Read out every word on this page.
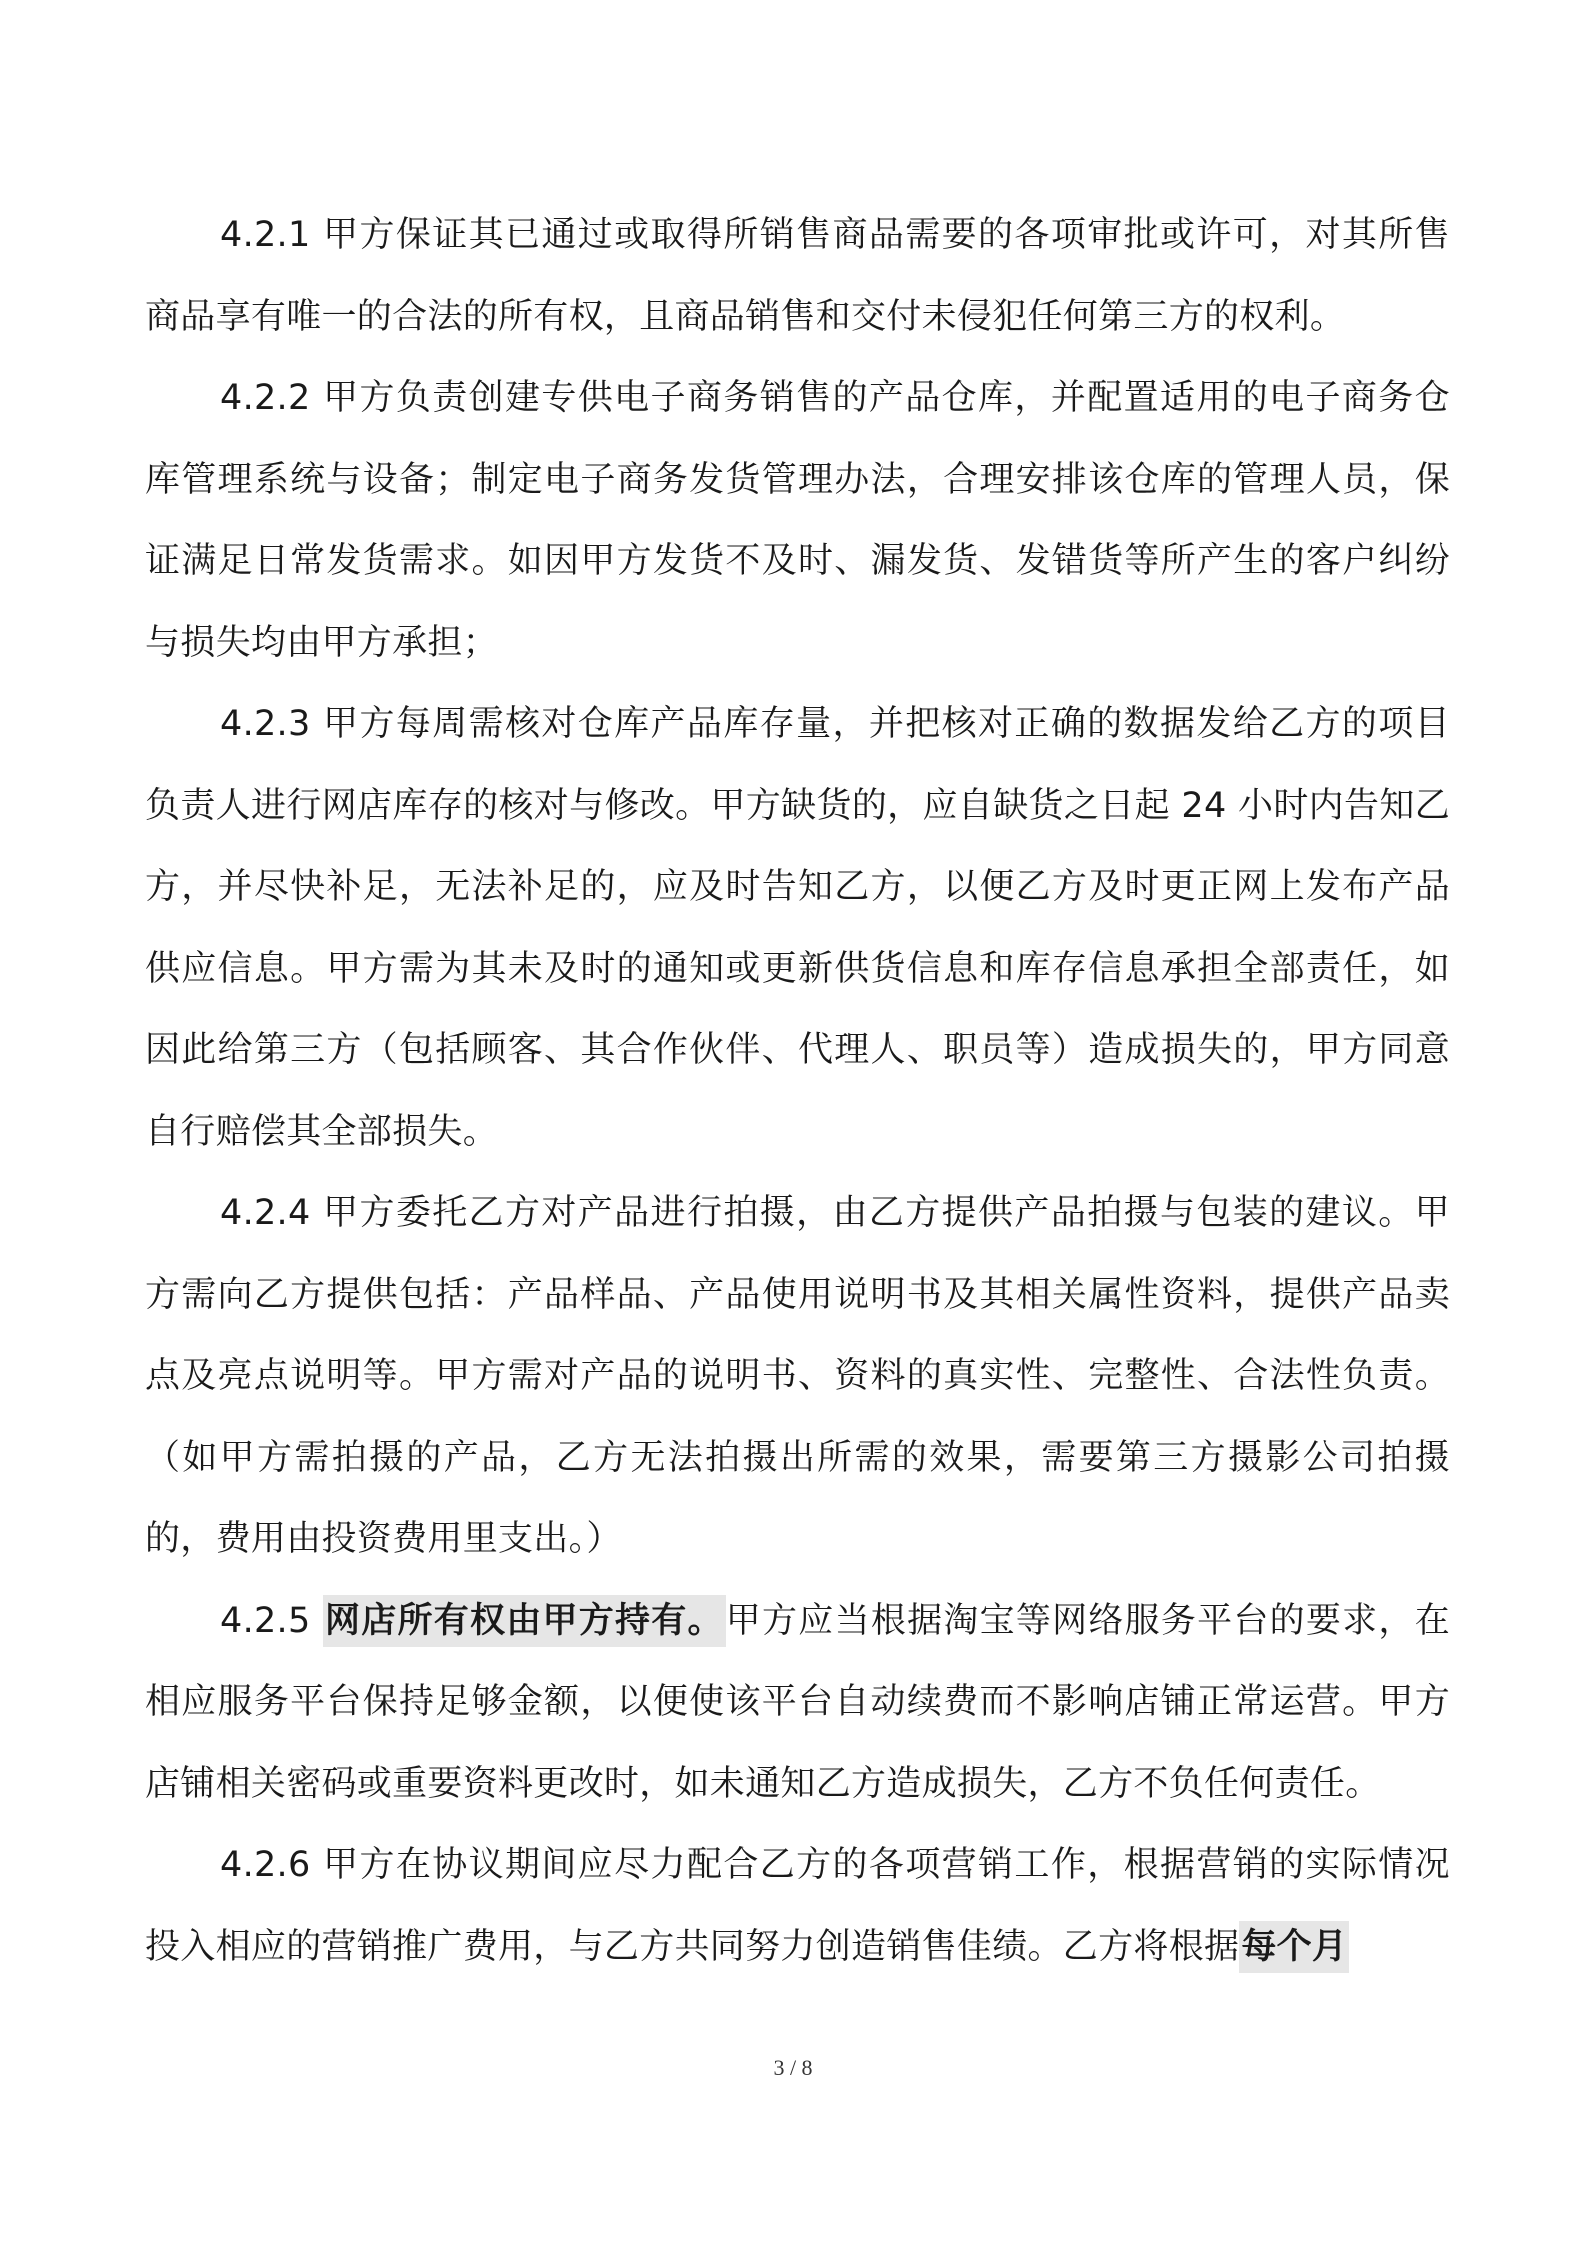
4.2.1 甲方保证其已通过或取得所销售商品需要的各项审批或许可，对其所售商品享有唯一的合法的所有权，且商品销售和交付未侵犯任何第三方的权利。

4.2.2 甲方负责创建专供电子商务销售的产品仓库，并配置适用的电子商务仓库管理系统与设备；制定电子商务发货管理办法，合理安排该仓库的管理人员，保证满足日常发货需求。如因甲方发货不及时、漏发货、发错货等所产生的客户纠纷与损失均由甲方承担；

4.2.3 甲方每周需核对仓库产品库存量，并把核对正确的数据发给乙方的项目负责人进行网店库存的核对与修改。甲方缺货的，应自缺货之日起 24 小时内告知乙方，并尽快补足，无法补足的，应及时告知乙方，以便乙方及时更正网上发布产品供应信息。甲方需为其未及时的通知或更新供货信息和库存信息承担全部责任，如因此给第三方（包括顾客、其合作伙伴、代理人、职员等）造成损失的，甲方同意自行赔偿其全部损失。

4.2.4 甲方委托乙方对产品进行拍摄，由乙方提供产品拍摄与包装的建议。甲方需向乙方提供包括：产品样品、产品使用说明书及其相关属性资料，提供产品卖点及亮点说明等。甲方需对产品的说明书、资料的真实性、完整性、合法性负责。（如甲方需拍摄的产品，乙方无法拍摄出所需的效果，需要第三方摄影公司拍摄的，费用由投资费用里支出。）

4.2.5 网店所有权由甲方持有。甲方应当根据淘宝等网络服务平台的要求，在相应服务平台保持足够金额，以便使该平台自动续费而不影响店铺正常运营。甲方店铺相关密码或重要资料更改时，如未通知乙方造成损失，乙方不负任何责任。

4.2.6 甲方在协议期间应尽力配合乙方的各项营销工作，根据营销的实际情况投入相应的营销推广费用，与乙方共同努力创造销售佳绩。乙方将根据每个月

3 / 8
